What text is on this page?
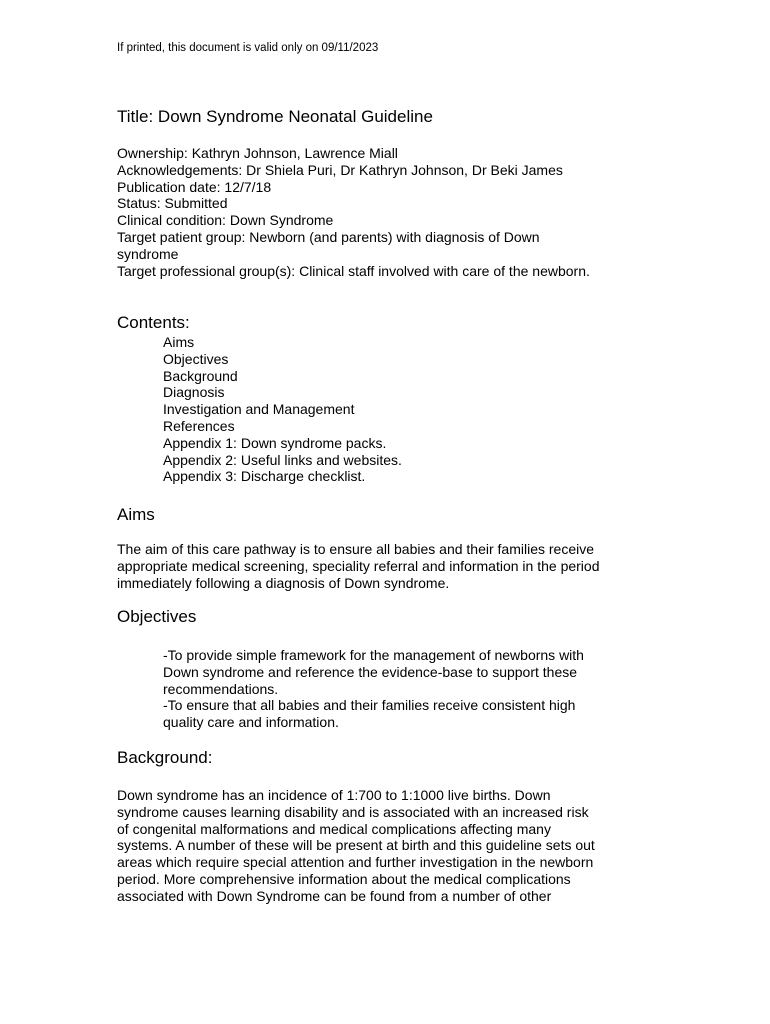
If printed, this document is valid only on 09/11/2023
Title: Down Syndrome Neonatal Guideline
Ownership: Kathryn Johnson, Lawrence Miall
Acknowledgements: Dr Shiela Puri, Dr Kathryn Johnson, Dr Beki James
Publication date: 12/7/18
Status: Submitted
Clinical condition: Down Syndrome
Target patient group: Newborn (and parents) with diagnosis of Down
syndrome
Target professional group(s): Clinical staff involved with care of the newborn.
Contents:
Aims
Objectives
Background
Diagnosis
Investigation and Management
References
Appendix 1: Down syndrome packs.
Appendix 2: Useful links and websites.
Appendix 3: Discharge checklist.
Aims
The aim of this care pathway is to ensure all babies and their families receive
appropriate medical screening, speciality referral and information in the period
immediately following a diagnosis of Down syndrome.
Objectives
-To provide simple framework for the management of newborns with
Down syndrome and reference the evidence-base to support these
recommendations.
-To ensure that all babies and their families receive consistent high
quality care and information.
Background:
Down syndrome has an incidence of 1:700 to 1:1000 live births. Down
syndrome causes learning disability and is associated with an increased risk
of congenital malformations and medical complications affecting many
systems. A number of these will be present at birth and this guideline sets out
areas which require special attention and further investigation in the newborn
period. More comprehensive information about the medical complications
associated with Down Syndrome can be found from a number of other
